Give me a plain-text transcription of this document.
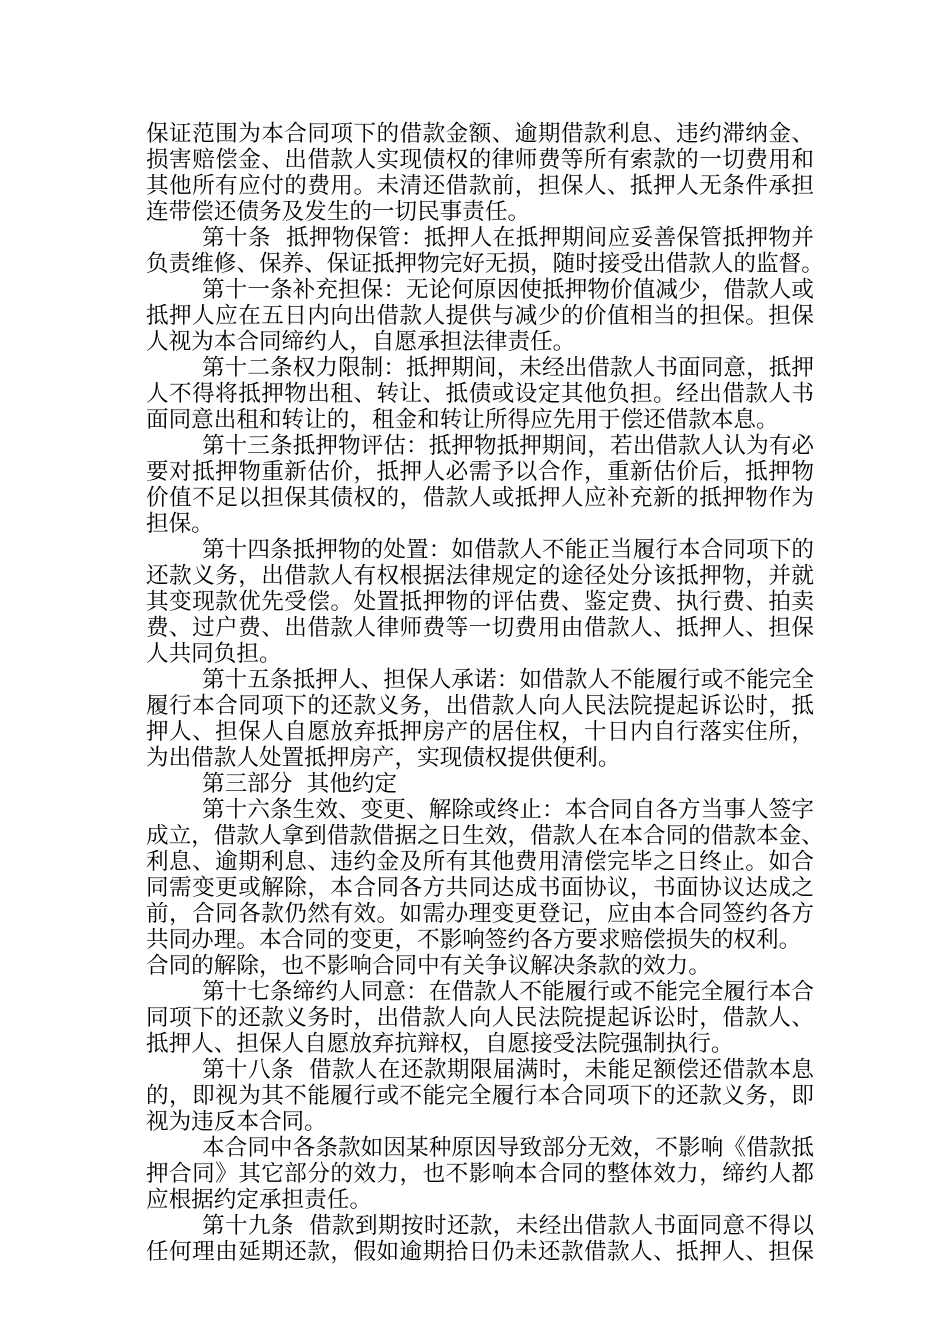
保证范围为本合同项下的借款金额、逾期借款利息、违约滞纳金、
损害赔偿金、出借款人实现债权的律师费等所有索款的一切费用和
其他所有应付的费用。未清还借款前，担保人、抵押人无条件承担
连带偿还债务及发生的一切民事责任。
第十条  抵押物保管：抵押人在抵押期间应妥善保管抵押物并
负责维修、保养、保证抵押物完好无损，随时接受出借款人的监督。
第十一条补充担保：无论何原因使抵押物价值减少，借款人或
抵押人应在五日内向出借款人提供与减少的价值相当的担保。担保
人视为本合同缔约人，自愿承担法律责任。
第十二条权力限制：抵押期间，未经出借款人书面同意，抵押
人不得将抵押物出租、转让、抵债或设定其他负担。经出借款人书
面同意出租和转让的，租金和转让所得应先用于偿还借款本息。
第十三条抵押物评估：抵押物抵押期间，若出借款人认为有必
要对抵押物重新估价，抵押人必需予以合作，重新估价后，抵押物
价值不足以担保其债权的，借款人或抵押人应补充新的抵押物作为
担保。
第十四条抵押物的处置：如借款人不能正当履行本合同项下的
还款义务，出借款人有权根据法律规定的途径处分该抵押物，并就
其变现款优先受偿。处置抵押物的评估费、鉴定费、执行费、拍卖
费、过户费、出借款人律师费等一切费用由借款人、抵押人、担保
人共同负担。
第十五条抵押人、担保人承诺：如借款人不能履行或不能完全
履行本合同项下的还款义务，出借款人向人民法院提起诉讼时，抵
押人、担保人自愿放弃抵押房产的居住权，十日内自行落实住所，
为出借款人处置抵押房产，实现债权提供便利。
第三部分  其他约定
第十六条生效、变更、解除或终止：本合同自各方当事人签字
成立，借款人拿到借款借据之日生效，借款人在本合同的借款本金、
利息、逾期利息、违约金及所有其他费用清偿完毕之日终止。如合
同需变更或解除，本合同各方共同达成书面协议，书面协议达成之
前，合同各款仍然有效。如需办理变更登记，应由本合同签约各方
共同办理。本合同的变更，不影响签约各方要求赔偿损失的权利。
合同的解除，也不影响合同中有关争议解决条款的效力。
第十七条缔约人同意：在借款人不能履行或不能完全履行本合
同项下的还款义务时，出借款人向人民法院提起诉讼时，借款人、
抵押人、担保人自愿放弃抗辩权，自愿接受法院强制执行。
第十八条  借款人在还款期限届满时，未能足额偿还借款本息
的，即视为其不能履行或不能完全履行本合同项下的还款义务，即
视为违反本合同。
本合同中各条款如因某种原因导致部分无效，不影响《借款抵
押合同》其它部分的效力，也不影响本合同的整体效力，缔约人都
应根据约定承担责任。
第十九条  借款到期按时还款，未经出借款人书面同意不得以
任何理由延期还款，假如逾期拾日仍未还款借款人、抵押人、担保
